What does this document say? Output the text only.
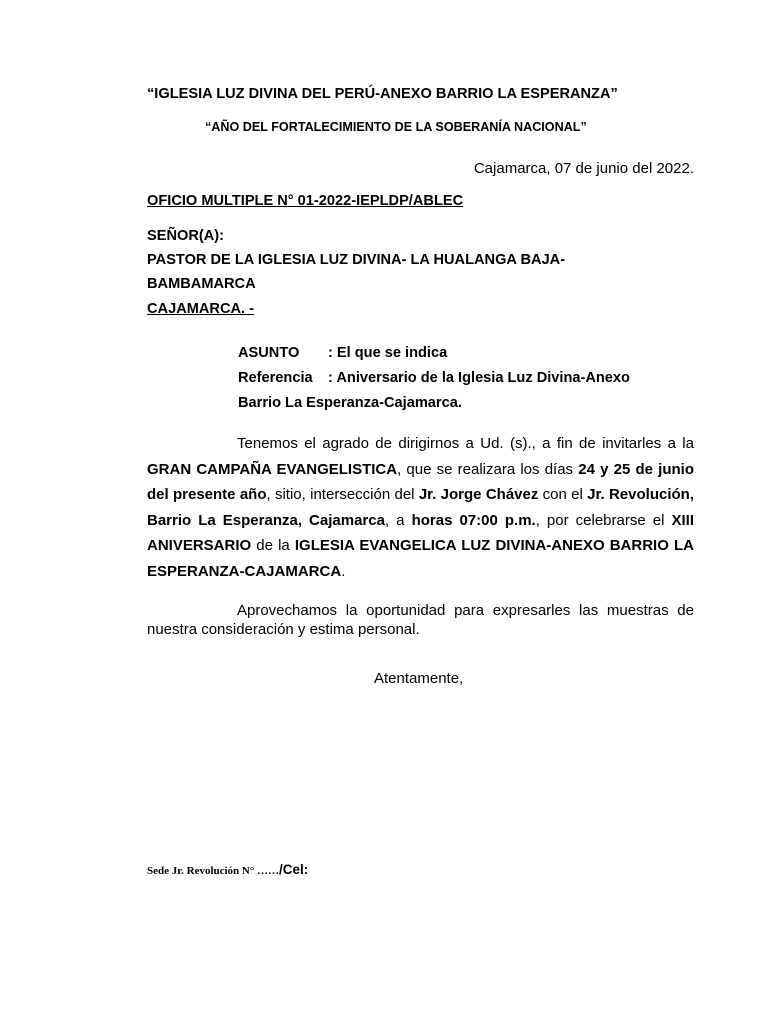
“IGLESIA LUZ DIVINA DEL PERÚ-ANEXO BARRIO LA ESPERANZA”
“AÑO DEL FORTALECIMIENTO DE LA SOBERANÍA NACIONAL”
Cajamarca, 07 de junio del 2022.
OFICIO MULTIPLE N° 01-2022-IEPLDP/ABLEC
SEÑOR(A):
PASTOR DE LA IGLESIA LUZ DIVINA- LA HUALANGA BAJA-
BAMBAMARCA
CAJAMARCA. -
ASUNTO : El que se indica
Referencia : Aniversario de la Iglesia Luz Divina-Anexo
Barrio La Esperanza-Cajamarca.
Tenemos el agrado de dirigirnos a Ud. (s)., a fin de invitarles a la GRAN CAMPAÑA EVANGELISTICA, que se realizara los días 24 y 25 de junio del presente año, sitio, intersección del Jr. Jorge Chávez con el Jr. Revolución, Barrio La Esperanza, Cajamarca, a horas 07:00 p.m., por celebrarse el XIII ANIVERSARIO de la IGLESIA EVANGELICA LUZ DIVINA-ANEXO BARRIO LA ESPERANZA-CAJAMARCA.
Aprovechamos la oportunidad para expresarles las muestras de nuestra consideración y estima personal.
Atentamente,
Sede Jr. Revolución N° ……/Cel:
